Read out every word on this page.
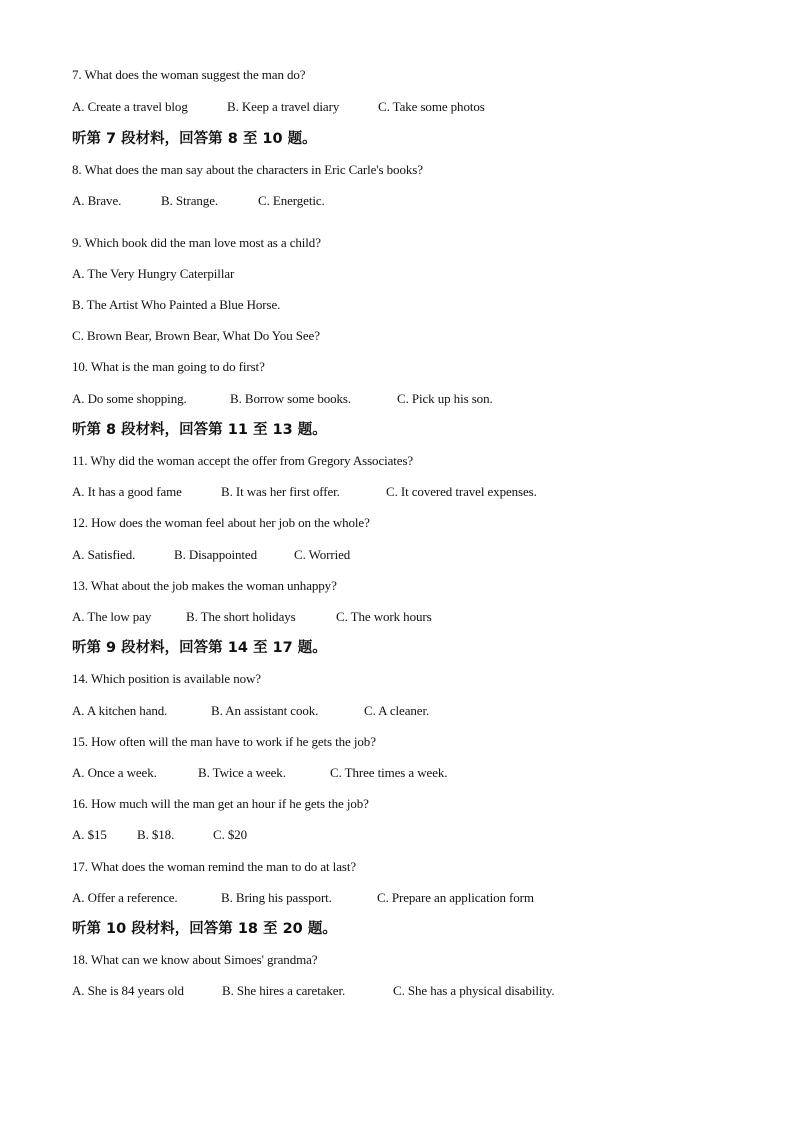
7. What does the woman suggest the man do?
A. Create a travel blog	B. Keep a travel diary	C. Take some photos
听第 7 段材料，回答第 8 至 10 题。
8. What does the man say about the characters in Eric Carle's books?
A. Brave.	B. Strange.	C. Energetic.
9. Which book did the man love most as a child?
A. The Very Hungry Caterpillar
B. The Artist Who Painted a Blue Horse.
C. Brown Bear, Brown Bear, What Do You See?
10. What is the man going to do first?
A. Do some shopping.	B. Borrow some books.	C. Pick up his son.
听第 8 段材料，回答第 11 至 13 题。
11. Why did the woman accept the offer from Gregory Associates?
A. It has a good fame	B. It was her first offer.	C. It covered travel expenses.
12. How does the woman feel about her job on the whole?
A. Satisfied.	B. Disappointed	C. Worried
13. What about the job makes the woman unhappy?
A. The low pay	B. The short holidays	C. The work hours
听第 9 段材料，回答第 14 至 17 题。
14. Which position is available now?
A. A kitchen hand.	B. An assistant cook.	C. A cleaner.
15. How often will the man have to work if he gets the job?
A. Once a week.	B. Twice a week.	C. Three times a week.
16. How much will the man get an hour if he gets the job?
A. $15 B. $18.	C. $20
17. What does the woman remind the man to do at last?
A. Offer a reference.	B. Bring his passport.	C. Prepare an application form
听第 10 段材料，回答第 18 至 20 题。
18. What can we know about Simoes' grandma?
A. She is 84 years old	B. She hires a caretaker.	C. She has a physical disability.
